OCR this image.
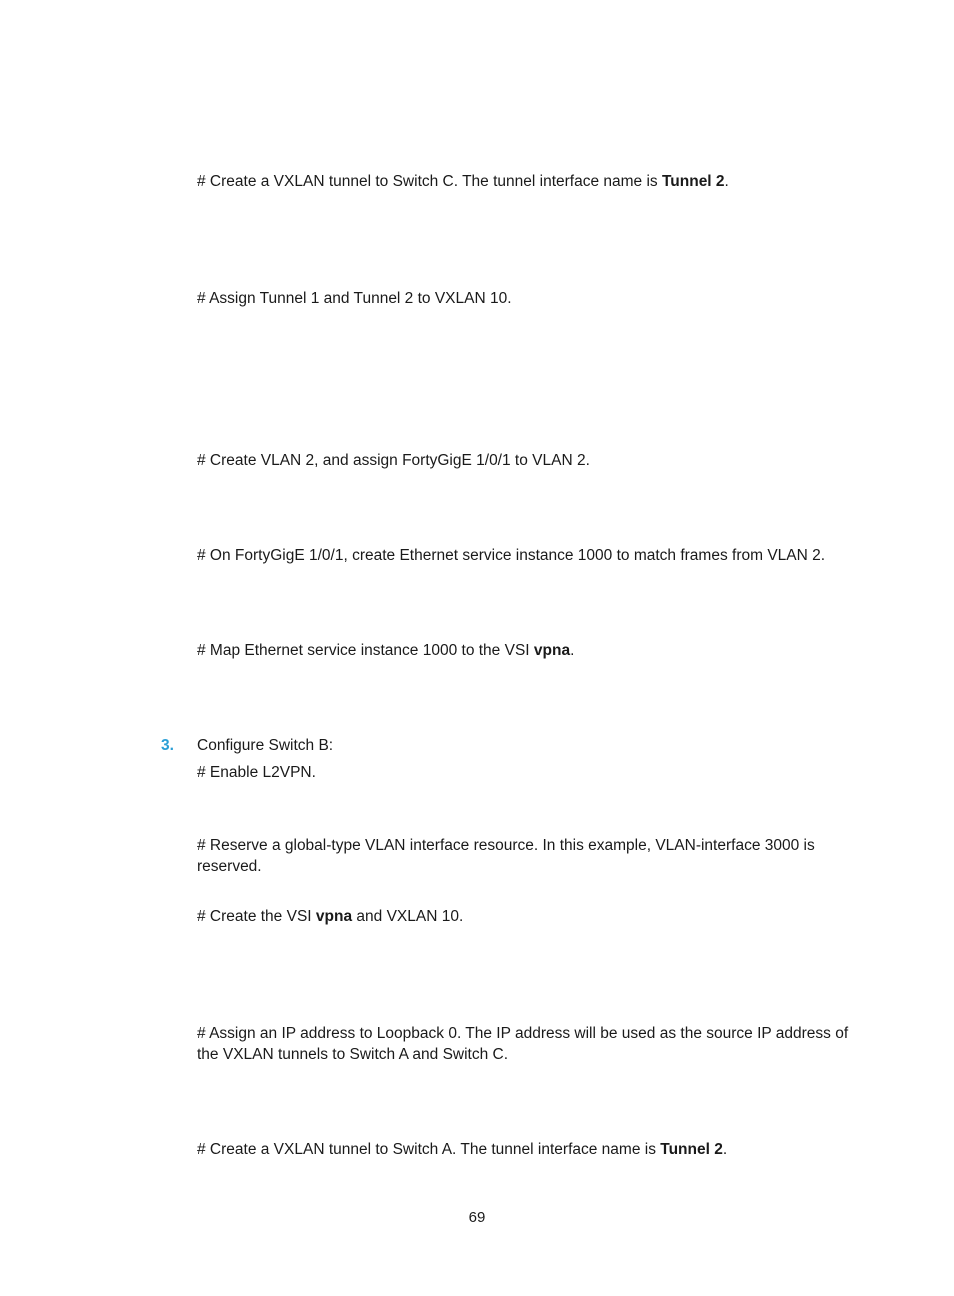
# Create a VXLAN tunnel to Switch C. The tunnel interface name is Tunnel 2.

# Assign Tunnel 1 and Tunnel 2 to VXLAN 10.

# Create VLAN 2, and assign FortyGigE 1/0/1 to VLAN 2.

# On FortyGigE 1/0/1, create Ethernet service instance 1000 to match frames from VLAN 2.

# Map Ethernet service instance 1000 to the VSI vpna.

3. Configure Switch B:

# Enable L2VPN.

# Reserve a global-type VLAN interface resource. In this example, VLAN-interface 3000 is reserved.

# Create the VSI vpna and VXLAN 10.

# Assign an IP address to Loopback 0. The IP address will be used as the source IP address of the VXLAN tunnels to Switch A and Switch C.

# Create a VXLAN tunnel to Switch A. The tunnel interface name is Tunnel 2.

69
